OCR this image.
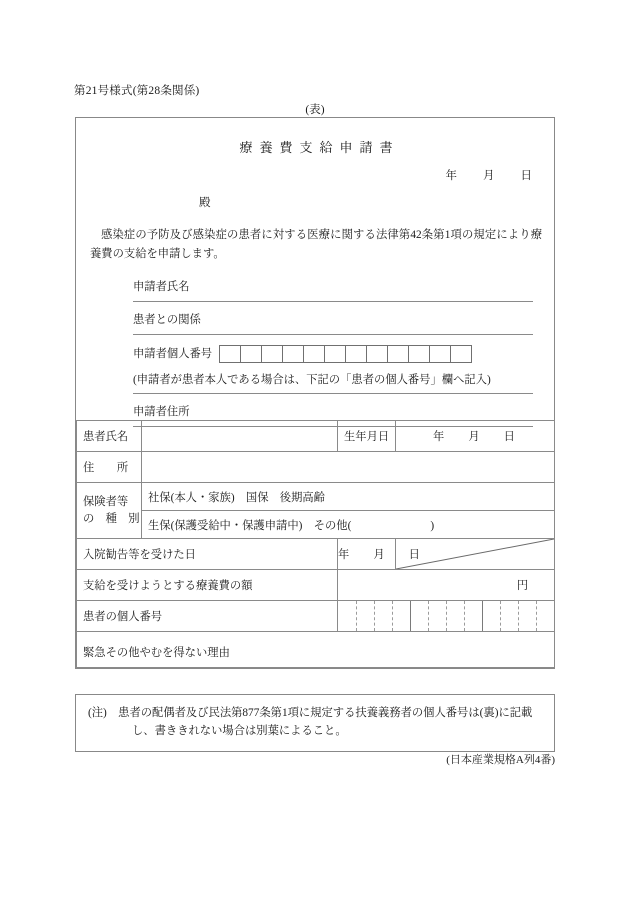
第21号様式(第28条関係)
(表)
療養費支給申請書
年 月 日
殿
感染症の予防及び感染症の患者に対する医療に関する法律第42条第1項の規定により療養費の支給を申請します。
申請者氏名
患者との関係
申請者個人番号

(申請者が患者本人である場合は、下記の「患者の個人番号」欄へ記入)
申請者住所
患者氏名		生年月日	年 月 日

住　　所	
保険者等
の　種　別	社保(本人・家族)　国保　後期高齢
生保(保護受給中・保護申請中)　その他(　　　　　　　)
入院勧告等を受けた日	年 月 日

支給を受けようとする療養費の額	円
患者の個人番号	

緊急その他やむを得ない理由
(注)　 患者の配偶者及び民法第877条第1項に規定する扶養義務者の個人番号は(裏)に記載し、書ききれない場合は別葉によること。
(日本産業規格A列4番)
